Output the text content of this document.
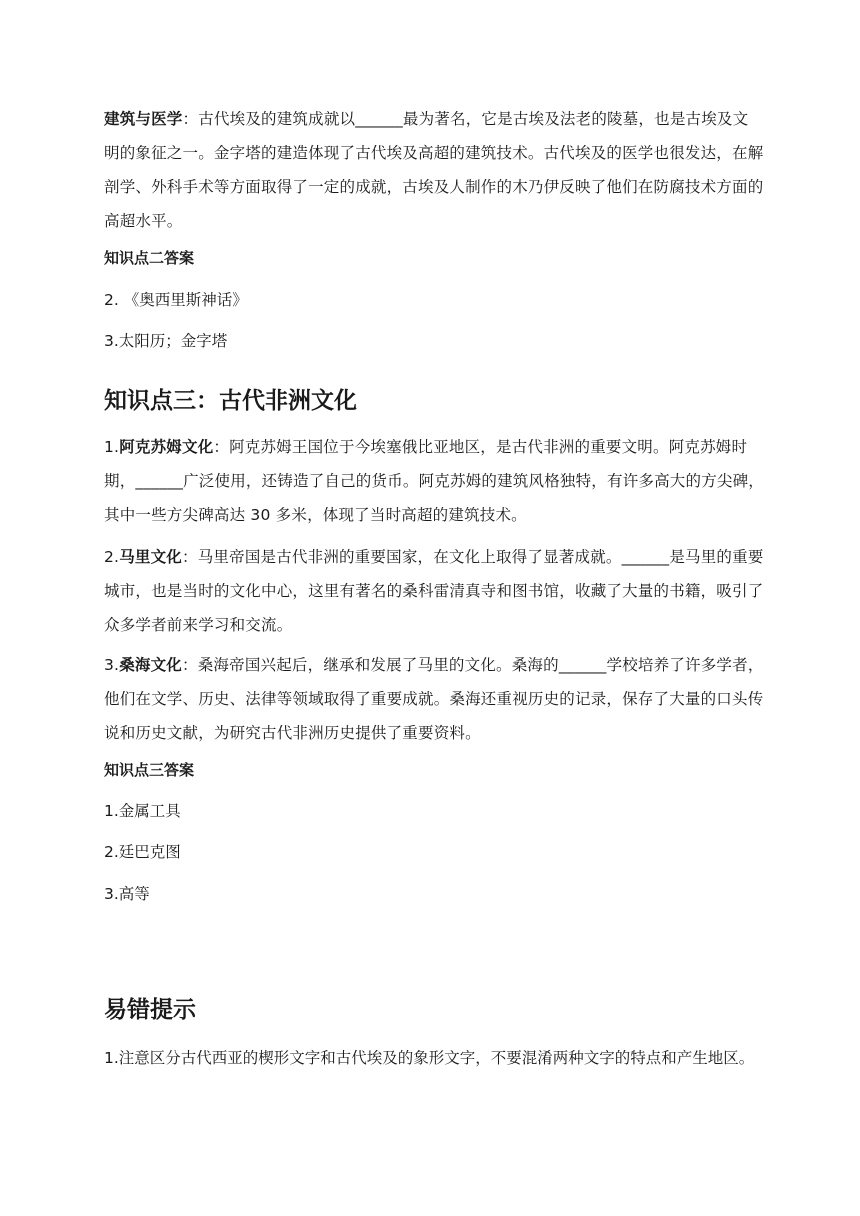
建筑与医学：古代埃及的建筑成就以______最为著名，它是古埃及法老的陵墓，也是古埃及文明的象征之一。金字塔的建造体现了古代埃及高超的建筑技术。古代埃及的医学也很发达，在解剖学、外科手术等方面取得了一定的成就，古埃及人制作的木乃伊反映了他们在防腐技术方面的高超水平。

知识点二答案

2. 《奥西里斯神话》

3.太阳历；金字塔

知识点三：古代非洲文化

1.阿克苏姆文化：阿克苏姆王国位于今埃塞俄比亚地区，是古代非洲的重要文明。阿克苏姆时期，______广泛使用，还铸造了自己的货币。阿克苏姆的建筑风格独特，有许多高大的方尖碑，其中一些方尖碑高达 30 多米，体现了当时高超的建筑技术。

2.马里文化：马里帝国是古代非洲的重要国家，在文化上取得了显著成就。______是马里的重要城市，也是当时的文化中心，这里有著名的桑科雷清真寺和图书馆，收藏了大量的书籍，吸引了众多学者前来学习和交流。

3.桑海文化：桑海帝国兴起后，继承和发展了马里的文化。桑海的______学校培养了许多学者，他们在文学、历史、法律等领域取得了重要成就。桑海还重视历史的记录，保存了大量的口头传说和历史文献，为研究古代非洲历史提供了重要资料。

知识点三答案

1.金属工具

2.廷巴克图

3.高等

易错提示

1.注意区分古代西亚的楔形文字和古代埃及的象形文字，不要混淆两种文字的特点和产生地区。
